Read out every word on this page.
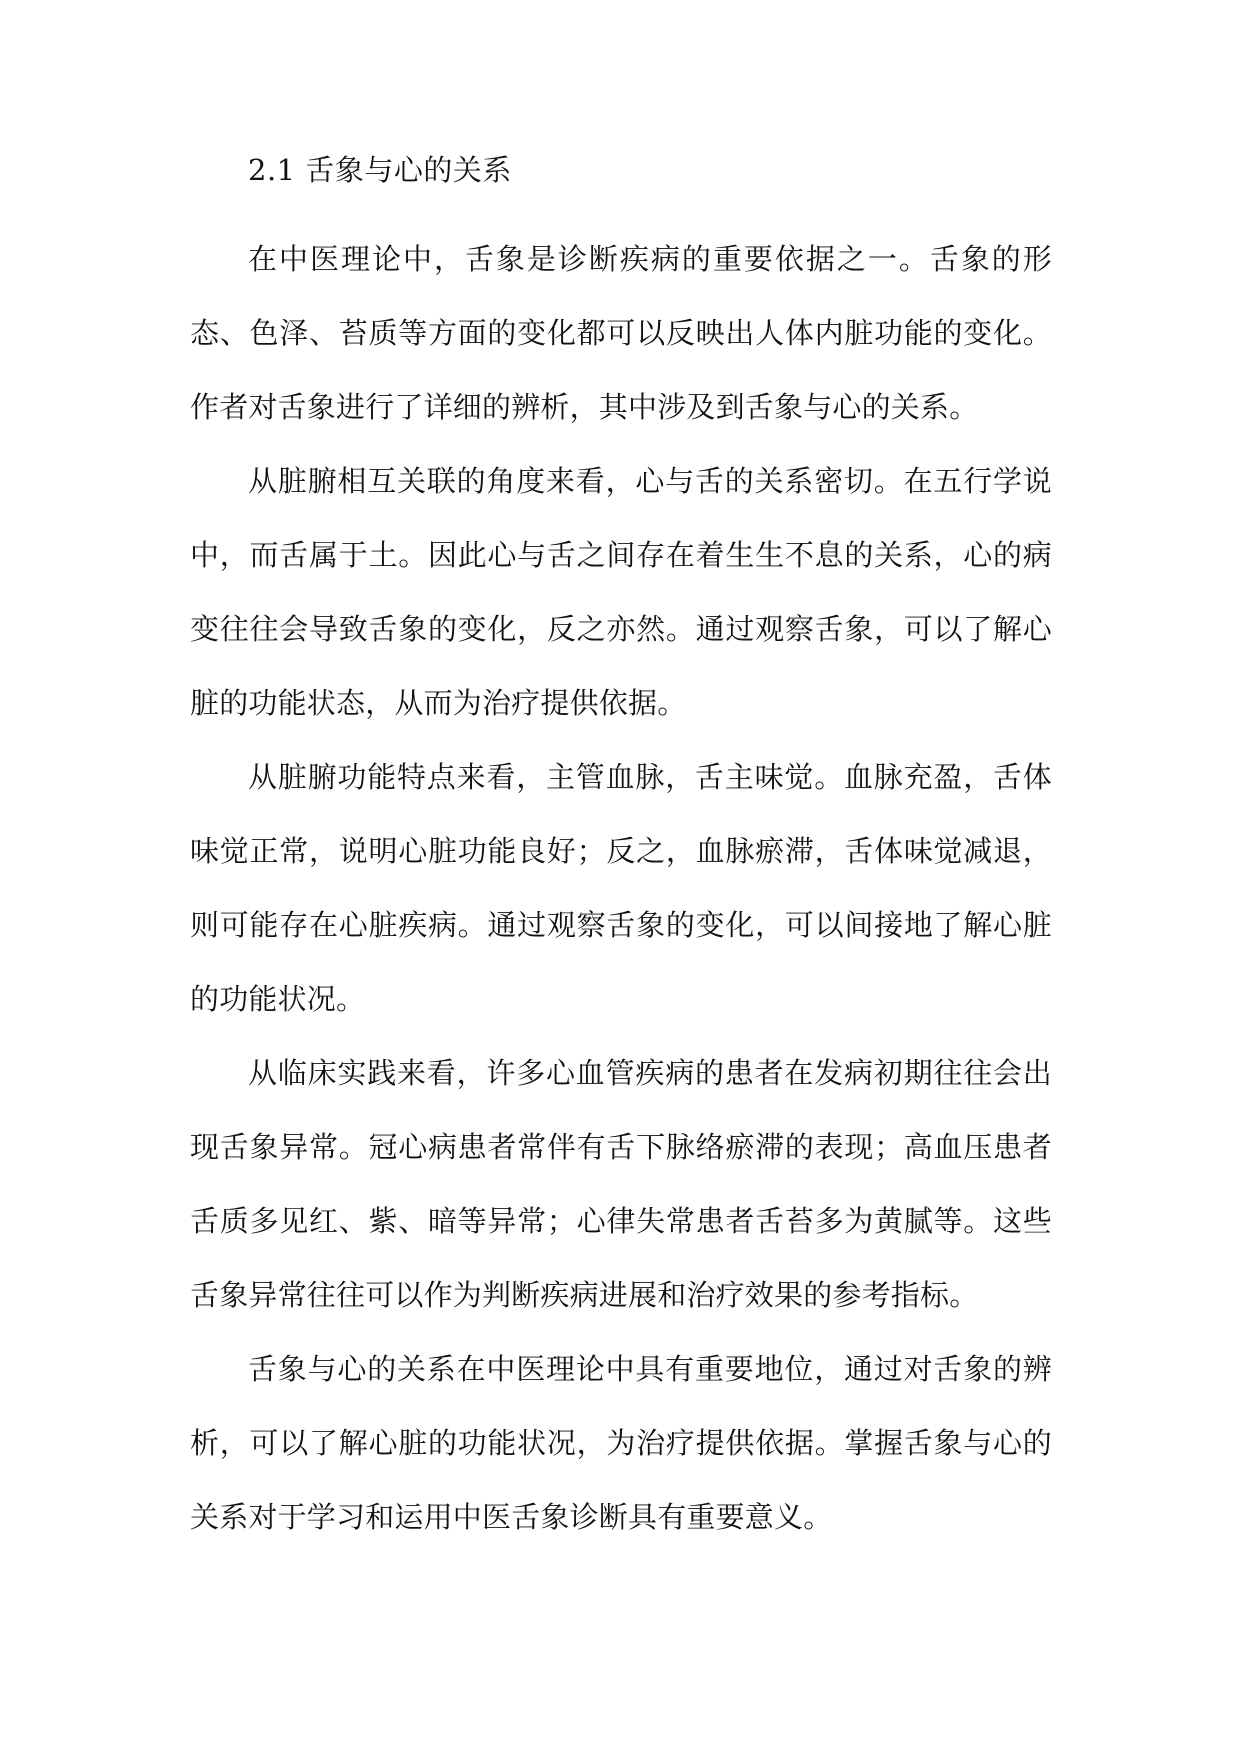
2.1 舌象与心的关系

在中医理论中，舌象是诊断疾病的重要依据之一。舌象的形态、色泽、苔质等方面的变化都可以反映出人体内脏功能的变化。作者对舌象进行了详细的辨析，其中涉及到舌象与心的关系。

从脏腑相互关联的角度来看，心与舌的关系密切。在五行学说中，而舌属于土。因此心与舌之间存在着生生不息的关系，心的病变往往会导致舌象的变化，反之亦然。通过观察舌象，可以了解心脏的功能状态，从而为治疗提供依据。

从脏腑功能特点来看，主管血脉，舌主味觉。血脉充盈，舌体味觉正常，说明心脏功能良好；反之，血脉瘀滞，舌体味觉减退，则可能存在心脏疾病。通过观察舌象的变化，可以间接地了解心脏的功能状况。

从临床实践来看，许多心血管疾病的患者在发病初期往往会出现舌象异常。冠心病患者常伴有舌下脉络瘀滞的表现；高血压患者舌质多见红、紫、暗等异常；心律失常患者舌苔多为黄腻等。这些舌象异常往往可以作为判断疾病进展和治疗效果的参考指标。

舌象与心的关系在中医理论中具有重要地位，通过对舌象的辨析，可以了解心脏的功能状况，为治疗提供依据。掌握舌象与心的关系对于学习和运用中医舌象诊断具有重要意义。
